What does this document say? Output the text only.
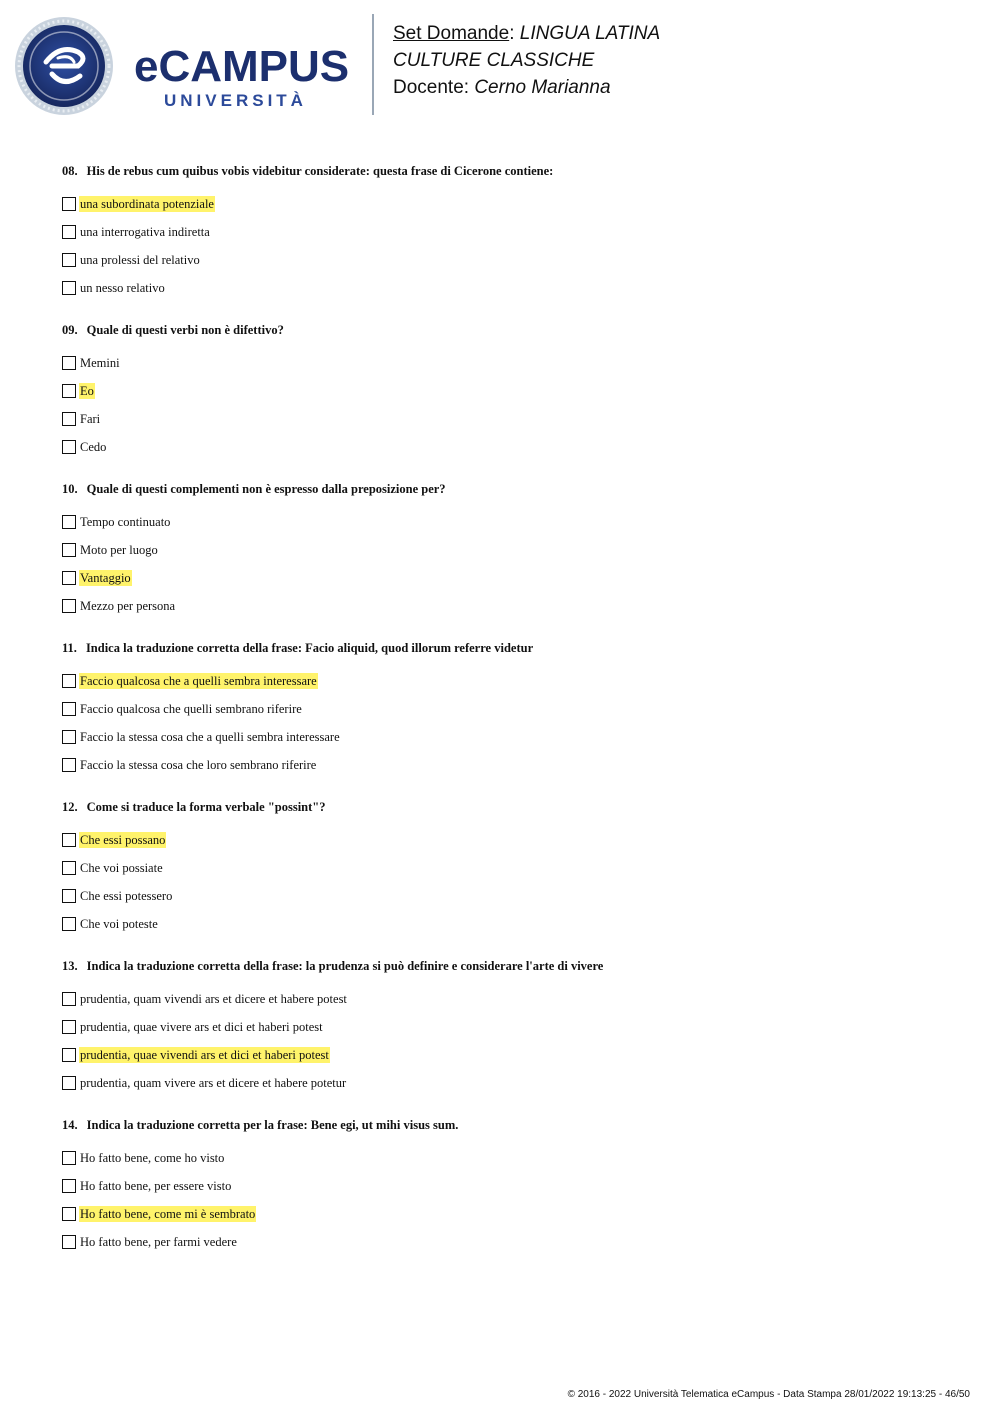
eCAMPUS
UNIVERSITÀ
Set Domande: LINGUA LATINA
CULTURE CLASSICHE
Docente: Cerno Marianna
08. His de rebus cum quibus vobis videbitur considerate: questa frase di Cicerone contiene:
una subordinata potenziale
una interrogativa indiretta
una prolessi del relativo
un nesso relativo
09. Quale di questi verbi non è difettivo?
Memini
Eo
Fari
Cedo
10. Quale di questi complementi non è espresso dalla preposizione per?
Tempo continuato
Moto per luogo
Vantaggio
Mezzo per persona
11. Indica la traduzione corretta della frase: Facio aliquid, quod illorum referre videtur
Faccio qualcosa che a quelli sembra interessare
Faccio qualcosa che quelli sembrano riferire
Faccio la stessa cosa che a quelli sembra interessare
Faccio la stessa cosa che loro sembrano riferire
12. Come si traduce la forma verbale "possint"?
Che essi possano
Che voi possiate
Che essi potessero
Che voi poteste
13. Indica la traduzione corretta della frase: la prudenza si può definire e considerare l'arte di vivere
prudentia, quam vivendi ars et dicere et habere potest
prudentia, quae vivere ars et dici et haberi potest
prudentia, quae vivendi ars et dici et haberi potest
prudentia, quam vivere ars et dicere et habere potetur
14. Indica la traduzione corretta per la frase: Bene egi, ut mihi visus sum.
Ho fatto bene, come ho visto
Ho fatto bene, per essere visto
Ho fatto bene, come mi è sembrato
Ho fatto bene, per farmi vedere
© 2016 - 2022 Università Telematica eCampus - Data Stampa 28/01/2022 19:13:25 - 46/50
